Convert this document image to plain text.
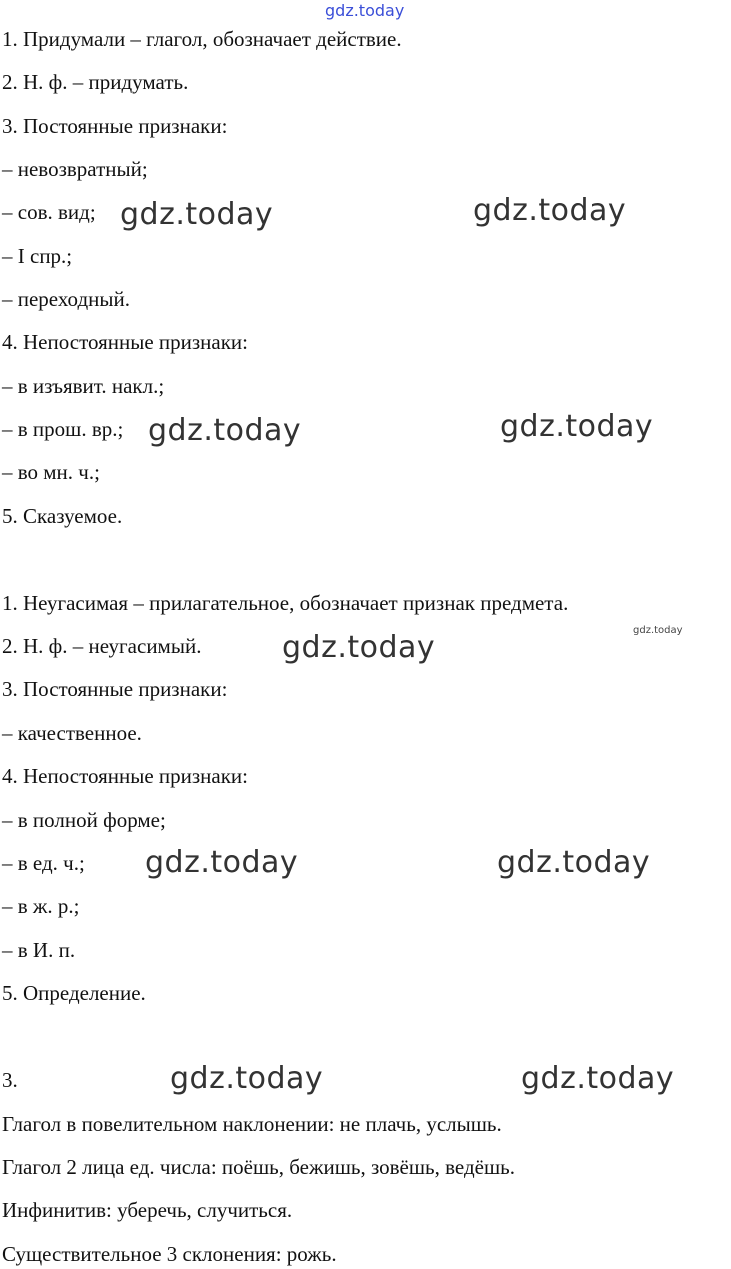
1. Придумали – глагол, обозначает действие.
2. Н. ф. – придумать.
3. Постоянные признаки:
– невозвратный;
– сов. вид;
– I спр.;
– переходный.
4. Непостоянные признаки:
– в изъявит. накл.;
– в прош. вр.;
– во мн. ч.;
5. Сказуемое.
1. Неугасимая – прилагательное, обозначает признак предмета.
2. Н. ф. – неугасимый.
3. Постоянные признаки:
– качественное.
4. Непостоянные признаки:
– в полной форме;
– в ед. ч.;
– в ж. р.;
– в И. п.
5. Определение.
3.
Глагол в повелительном наклонении: не плачь, услышь.
Глагол 2 лица ед. числа: поёшь, бежишь, зовёшь, ведёшь.
Инфинитив: уберечь, случиться.
Существительное 3 склонения: рожь.
gdz.today
gdz.today
gdz.today	gdz.today
gdz.today	gdz.today
gdz.today
gdz.today	gdz.today
gdz.today	gdz.today
